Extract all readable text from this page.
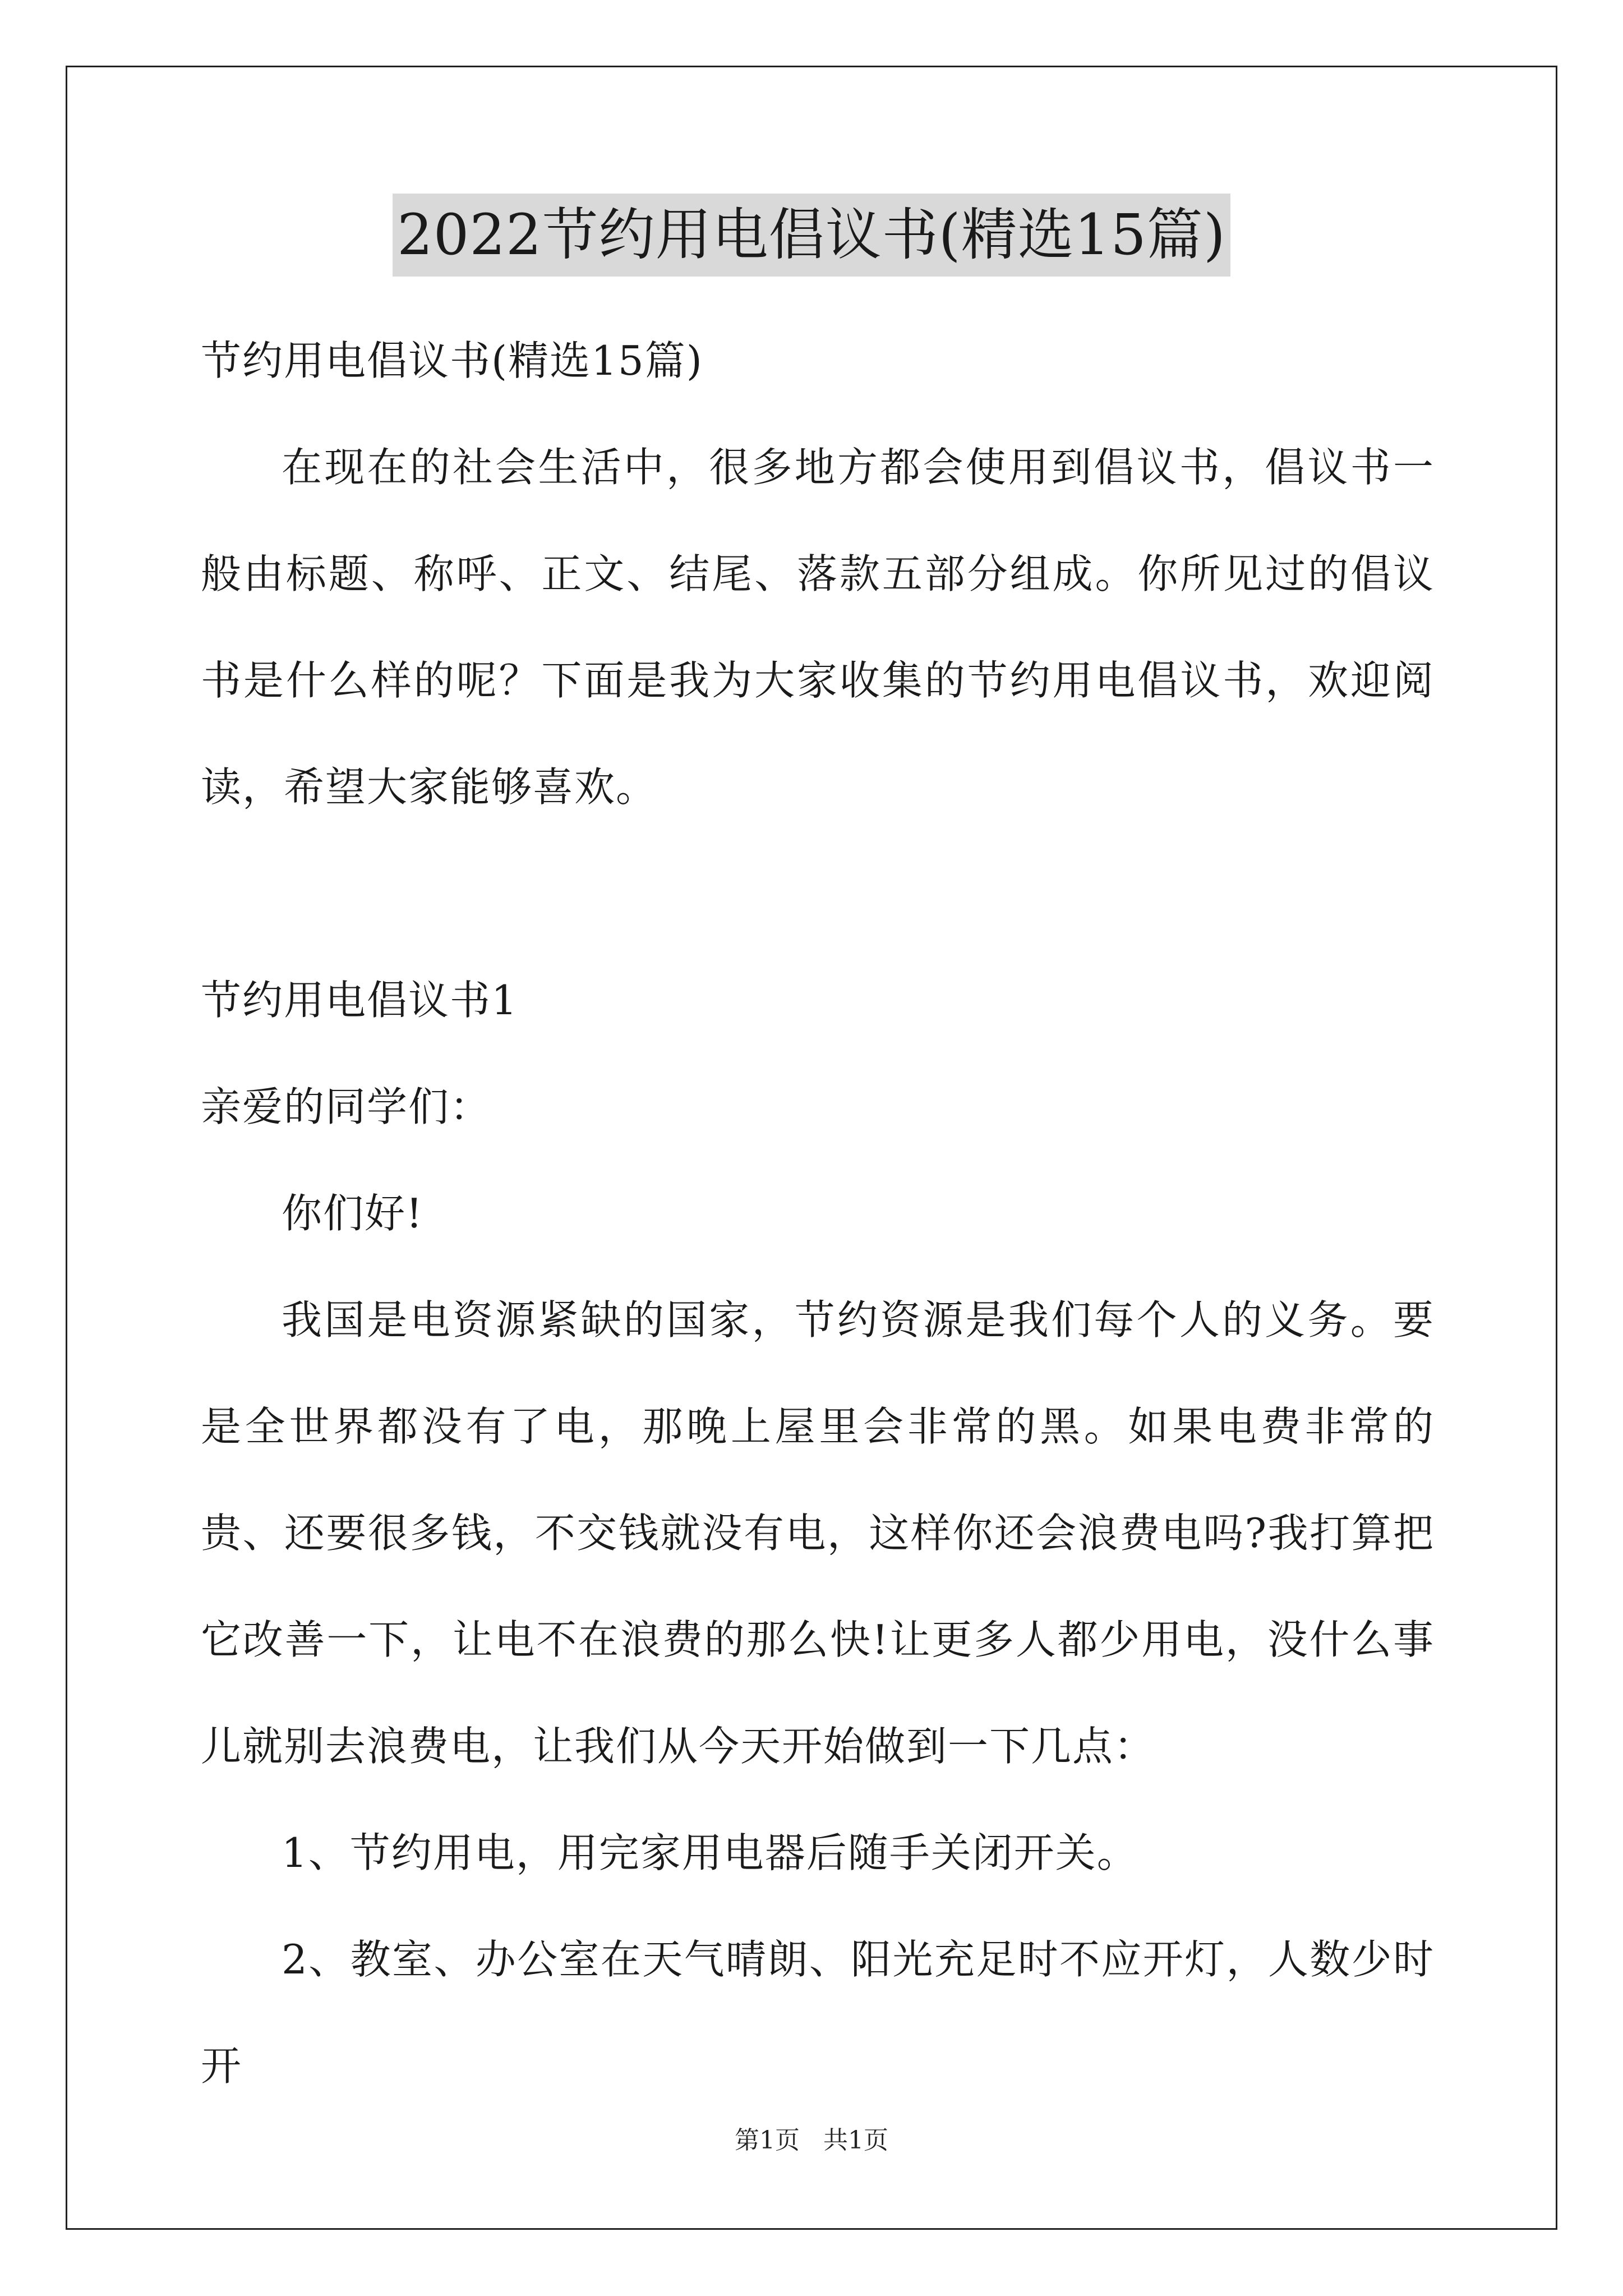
2022节约用电倡议书(精选15篇)

节约用电倡议书(精选15篇)

在现在的社会生活中，很多地方都会使用到倡议书，倡议书一般由标题、称呼、正文、结尾、落款五部分组成。你所见过的倡议书是什么样的呢？下面是我为大家收集的节约用电倡议书，欢迎阅读，希望大家能够喜欢。

节约用电倡议书1

亲爱的同学们：

你们好!

我国是电资源紧缺的国家，节约资源是我们每个人的义务。要是全世界都没有了电，那晚上屋里会非常的黑。如果电费非常的贵、还要很多钱，不交钱就没有电，这样你还会浪费电吗?我打算把它改善一下，让电不在浪费的那么快!让更多人都少用电，没什么事儿就别去浪费电，让我们从今天开始做到一下几点：

1、节约用电，用完家用电器后随手关闭开关。

2、教室、办公室在天气晴朗、阳光充足时不应开灯，人数少时开

第1页   共1页
